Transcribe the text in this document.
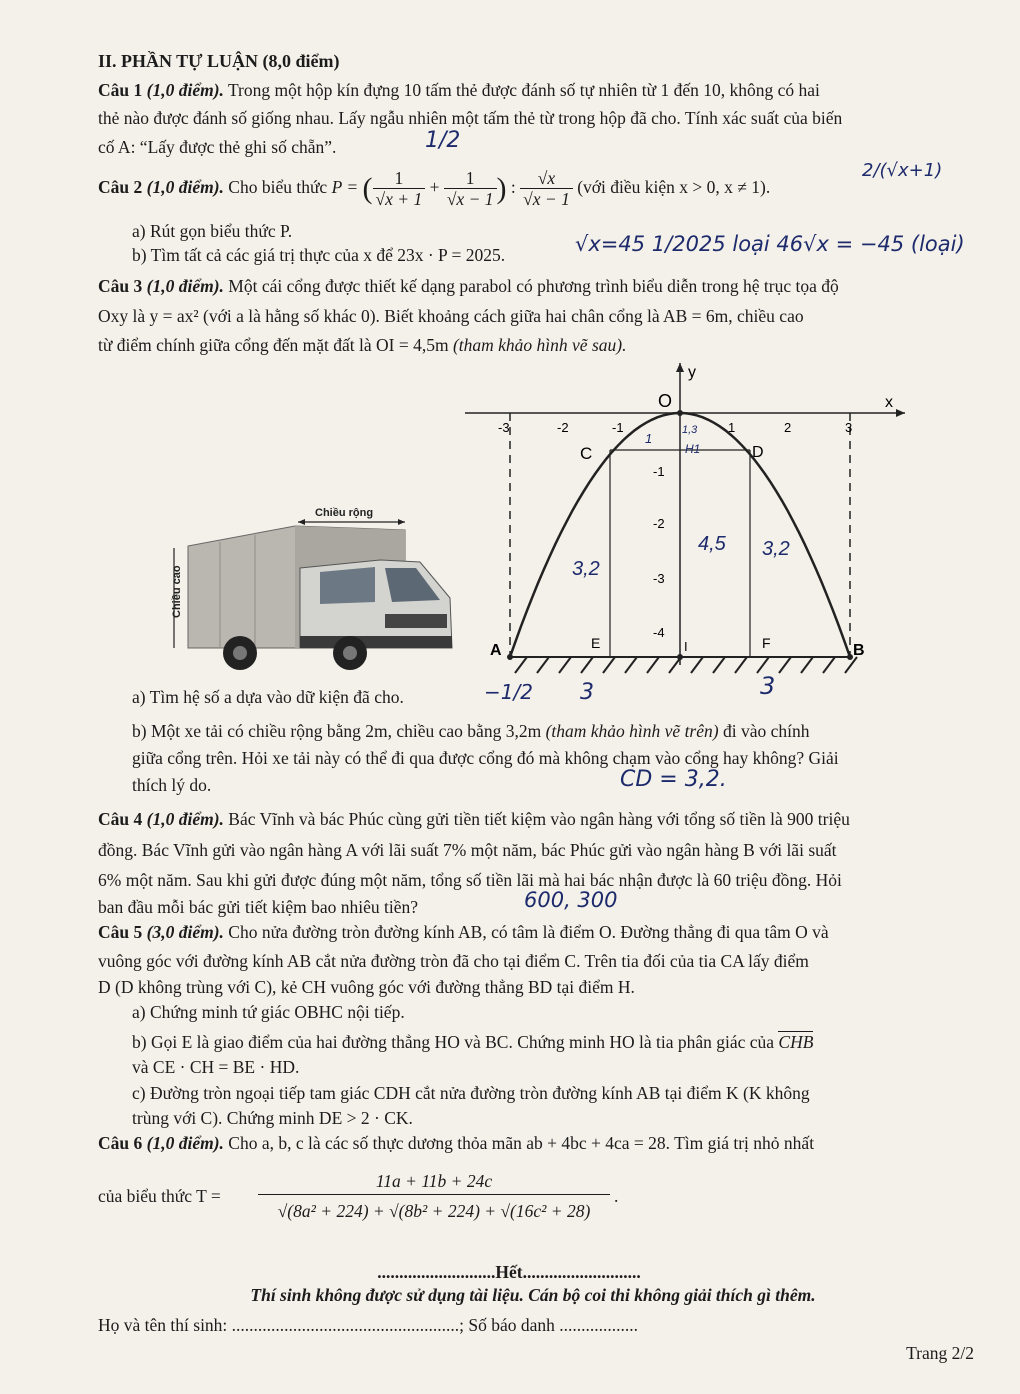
II. PHẦN TỰ LUẬN (8,0 điểm)
Câu 1 (1,0 điểm). Trong một hộp kín đựng 10 tấm thẻ được đánh số tự nhiên từ 1 đến 10, không có hai
thẻ nào được đánh số giống nhau. Lấy ngẫu nhiên một tấm thẻ từ trong hộp đã cho. Tính xác suất của biến
cố A: “Lấy được thẻ ghi số chẵn”.	1/2
Câu 2 (1,0 điểm). Cho biểu thức P = ( $\frac{1}{√x + 1} + \frac{1}{√x - 1}$ ) : $\frac{√x}{√x - 1}$ (với điều kiện x > 0, x ≠ 1).
2/(√x+1)
a) Rút gọn biểu thức P.
b) Tìm tất cả các giá trị thực của x để 23x · P = 2025.	√x=45 1/2025 loại 46√x = −45 (loại)
Câu 3 (1,0 điểm). Một cái cổng được thiết kế dạng parabol có phương trình biểu diễn trong hệ trục tọa độ
Oxy là y = ax² (với a là hằng số khác 0). Biết khoảng cách giữa hai chân cổng là AB = 6m, chiều cao
từ điểm chính giữa cổng đến mặt đất là OI = 4,5m (tham khảo hình vẽ sau).
Chiều rộng
Chiều cao
x
y
O
-3	-2	-1	1	2	3
-1
-2
-3
-4
A	B
C	D
E	F
I
1,3
H1
1
4,5
3,2
3,2
a) Tìm hệ số a dựa vào dữ kiện đã cho.	−1/2 3	3
b) Một xe tải có chiều rộng bằng 2m, chiều cao bằng 3,2m (tham khảo hình vẽ trên) đi vào chính
giữa cổng trên. Hỏi xe tải này có thể đi qua được cổng đó mà không chạm vào cổng hay không? Giải
thích lý do.	CD = 3,2.
Câu 4 (1,0 điểm). Bác Vĩnh và bác Phúc cùng gửi tiền tiết kiệm vào ngân hàng với tổng số tiền là 900 triệu
đồng. Bác Vĩnh gửi vào ngân hàng A với lãi suất 7% một năm, bác Phúc gửi vào ngân hàng B với lãi suất
6% một năm. Sau khi gửi được đúng một năm, tổng số tiền lãi mà hai bác nhận được là 60 triệu đồng. Hỏi
ban đầu mỗi bác gửi tiết kiệm bao nhiêu tiền?	600, 300
Câu 5 (3,0 điểm). Cho nửa đường tròn đường kính AB, có tâm là điểm O. Đường thẳng đi qua tâm O và
vuông góc với đường kính AB cắt nửa đường tròn đã cho tại điểm C. Trên tia đối của tia CA lấy điểm
D (D không trùng với C), kẻ CH vuông góc với đường thẳng BD tại điểm H.
a) Chứng minh tứ giác OBHC nội tiếp.
b) Gọi E là giao điểm của hai đường thẳng HO và BC. Chứng minh HO là tia phân giác của CHB
và CE · CH = BE · HD.
c) Đường tròn ngoại tiếp tam giác CDH cắt nửa đường tròn đường kính AB tại điểm K (K không
trùng với C). Chứng minh DE > 2 · CK.
Câu 6 (1,0 điểm). Cho a, b, c là các số thực dương thỏa mãn ab + 4bc + 4ca = 28. Tìm giá trị nhỏ nhất
của biểu thức T =
11a + 11b + 24c
√(8a² + 224) + √(8b² + 224) + √(16c² + 28)
.
...........................Hết...........................
Thí sinh không được sử dụng tài liệu. Cán bộ coi thi không giải thích gì thêm.
Họ và tên thí sinh: ....................................................; Số báo danh ..................
Trang 2/2
